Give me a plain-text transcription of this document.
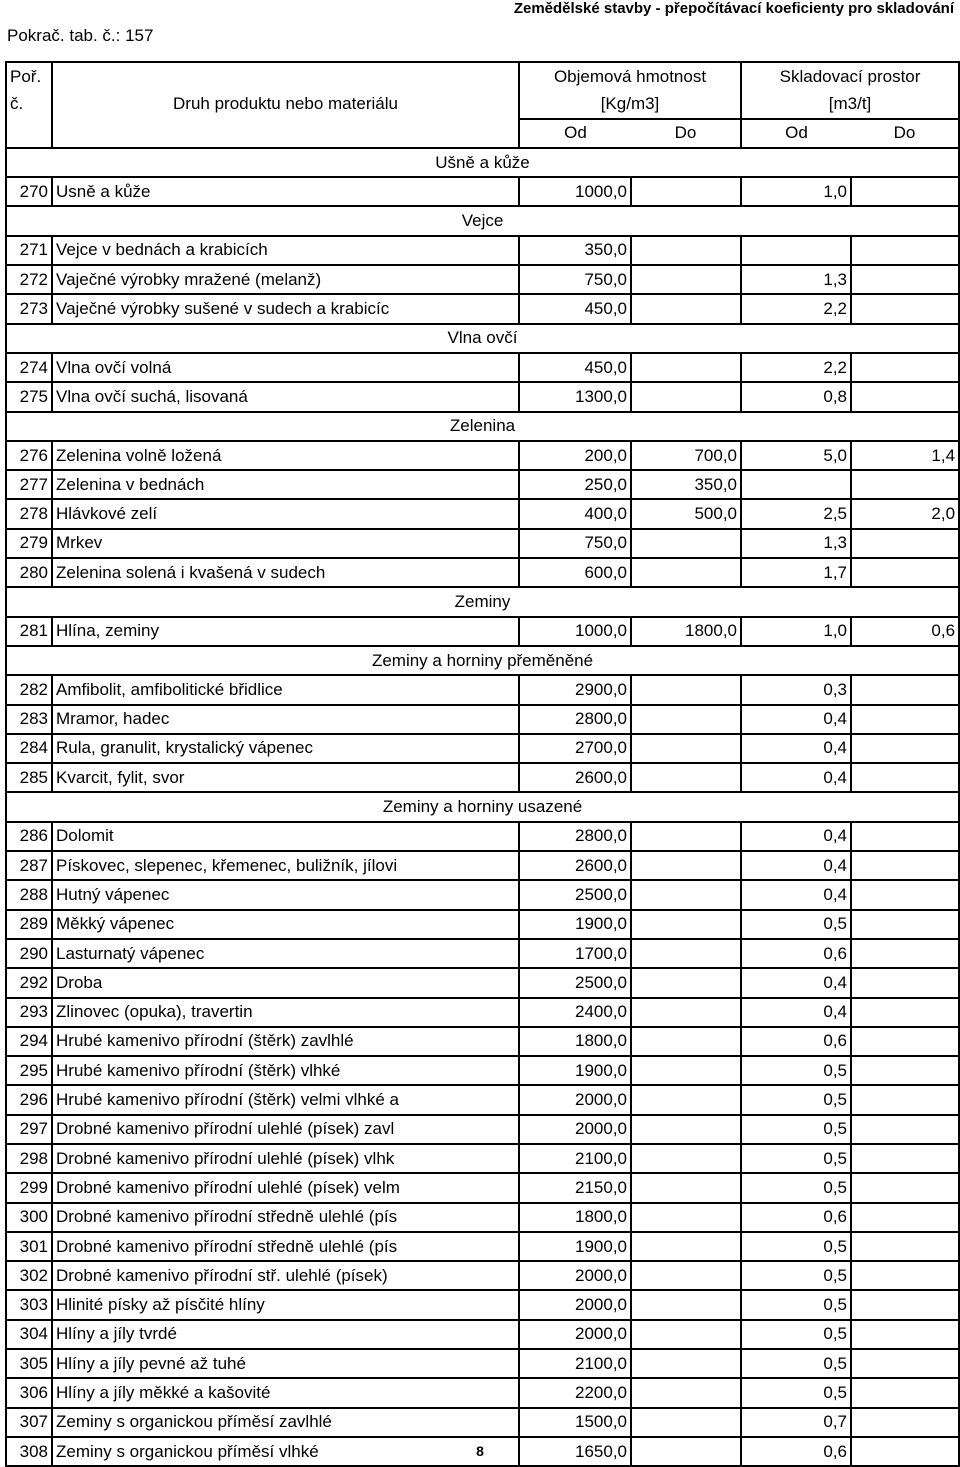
Zemědělské stavby - přepočítávací koeficienty pro skladování
Pokrač. tab. č.: 157
Poř.		Objemová hmotnost		Skladovací prostor	
č.	Druh produktu nebo materiálu	[Kg/m3]		[m3/t]	
		Od	Do	Od	Do
Ušně a kůže					
270	Usně a kůže	1000,0		1,0	
Vejce					
271	Vejce v bednách a krabicích	350,0			
272	Vaječné výrobky mražené (melanž)	750,0		1,3	
273	Vaječné výrobky sušené v sudech a krabicíc	450,0		2,2	
Vlna ovčí					
274	Vlna ovčí volná	450,0		2,2	
275	Vlna ovčí suchá, lisovaná	1300,0		0,8	
Zelenina					
276	Zelenina volně ložená	200,0	700,0	5,0	1,4
277	Zelenina v bednách	250,0	350,0		
278	Hlávkové zelí	400,0	500,0	2,5	2,0
279	Mrkev	750,0		1,3	
280	Zelenina solená i kvašená v sudech	600,0		1,7	
Zeminy					
281	Hlína, zeminy	1000,0	1800,0	1,0	0,6
Zeminy a horniny přeměněné					
282	Amfibolit, amfibolitické břidlice	2900,0		0,3	
283	Mramor, hadec	2800,0		0,4	
284	Rula, granulit, krystalický vápenec	2700,0		0,4	
285	Kvarcit, fylit, svor	2600,0		0,4	
Zeminy a horniny usazené					
286	Dolomit	2800,0		0,4	
287	Pískovec, slepenec, křemenec, buližník, jílovi	2600,0		0,4	
288	Hutný vápenec	2500,0		0,4	
289	Měkký vápenec	1900,0		0,5	
290	Lasturnatý vápenec	1700,0		0,6	
292	Droba	2500,0		0,4	
293	Zlinovec (opuka), travertin	2400,0		0,4	
294	Hrubé kamenivo přírodní (štěrk) zavlhlé	1800,0		0,6	
295	Hrubé kamenivo přírodní (štěrk) vlhké	1900,0		0,5	
296	Hrubé kamenivo přírodní (štěrk) velmi vlhké a	2000,0		0,5	
297	Drobné kamenivo přírodní ulehlé (písek) zavl	2000,0		0,5	
298	Drobné kamenivo přírodní ulehlé (písek) vlhk	2100,0		0,5	
299	Drobné kamenivo přírodní ulehlé (písek) velm	2150,0		0,5	
300	Drobné kamenivo přírodní středně ulehlé (pís	1800,0		0,6	
301	Drobné kamenivo přírodní středně ulehlé (pís	1900,0		0,5	
302	Drobné kamenivo přírodní stř. ulehlé (písek)	2000,0		0,5	
303	Hlinité písky až písčité hlíny	2000,0		0,5	
304	Hlíny a jíly tvrdé	2000,0		0,5	
305	Hlíny a jíly pevné až tuhé	2100,0		0,5	
306	Hlíny a jíly měkké a kašovité	2200,0		0,5	
307	Zeminy s organickou příměsí zavlhlé	1500,0		0,7	
308	Zeminy s organickou příměsí vlhké	1650,0		0,6	
8
